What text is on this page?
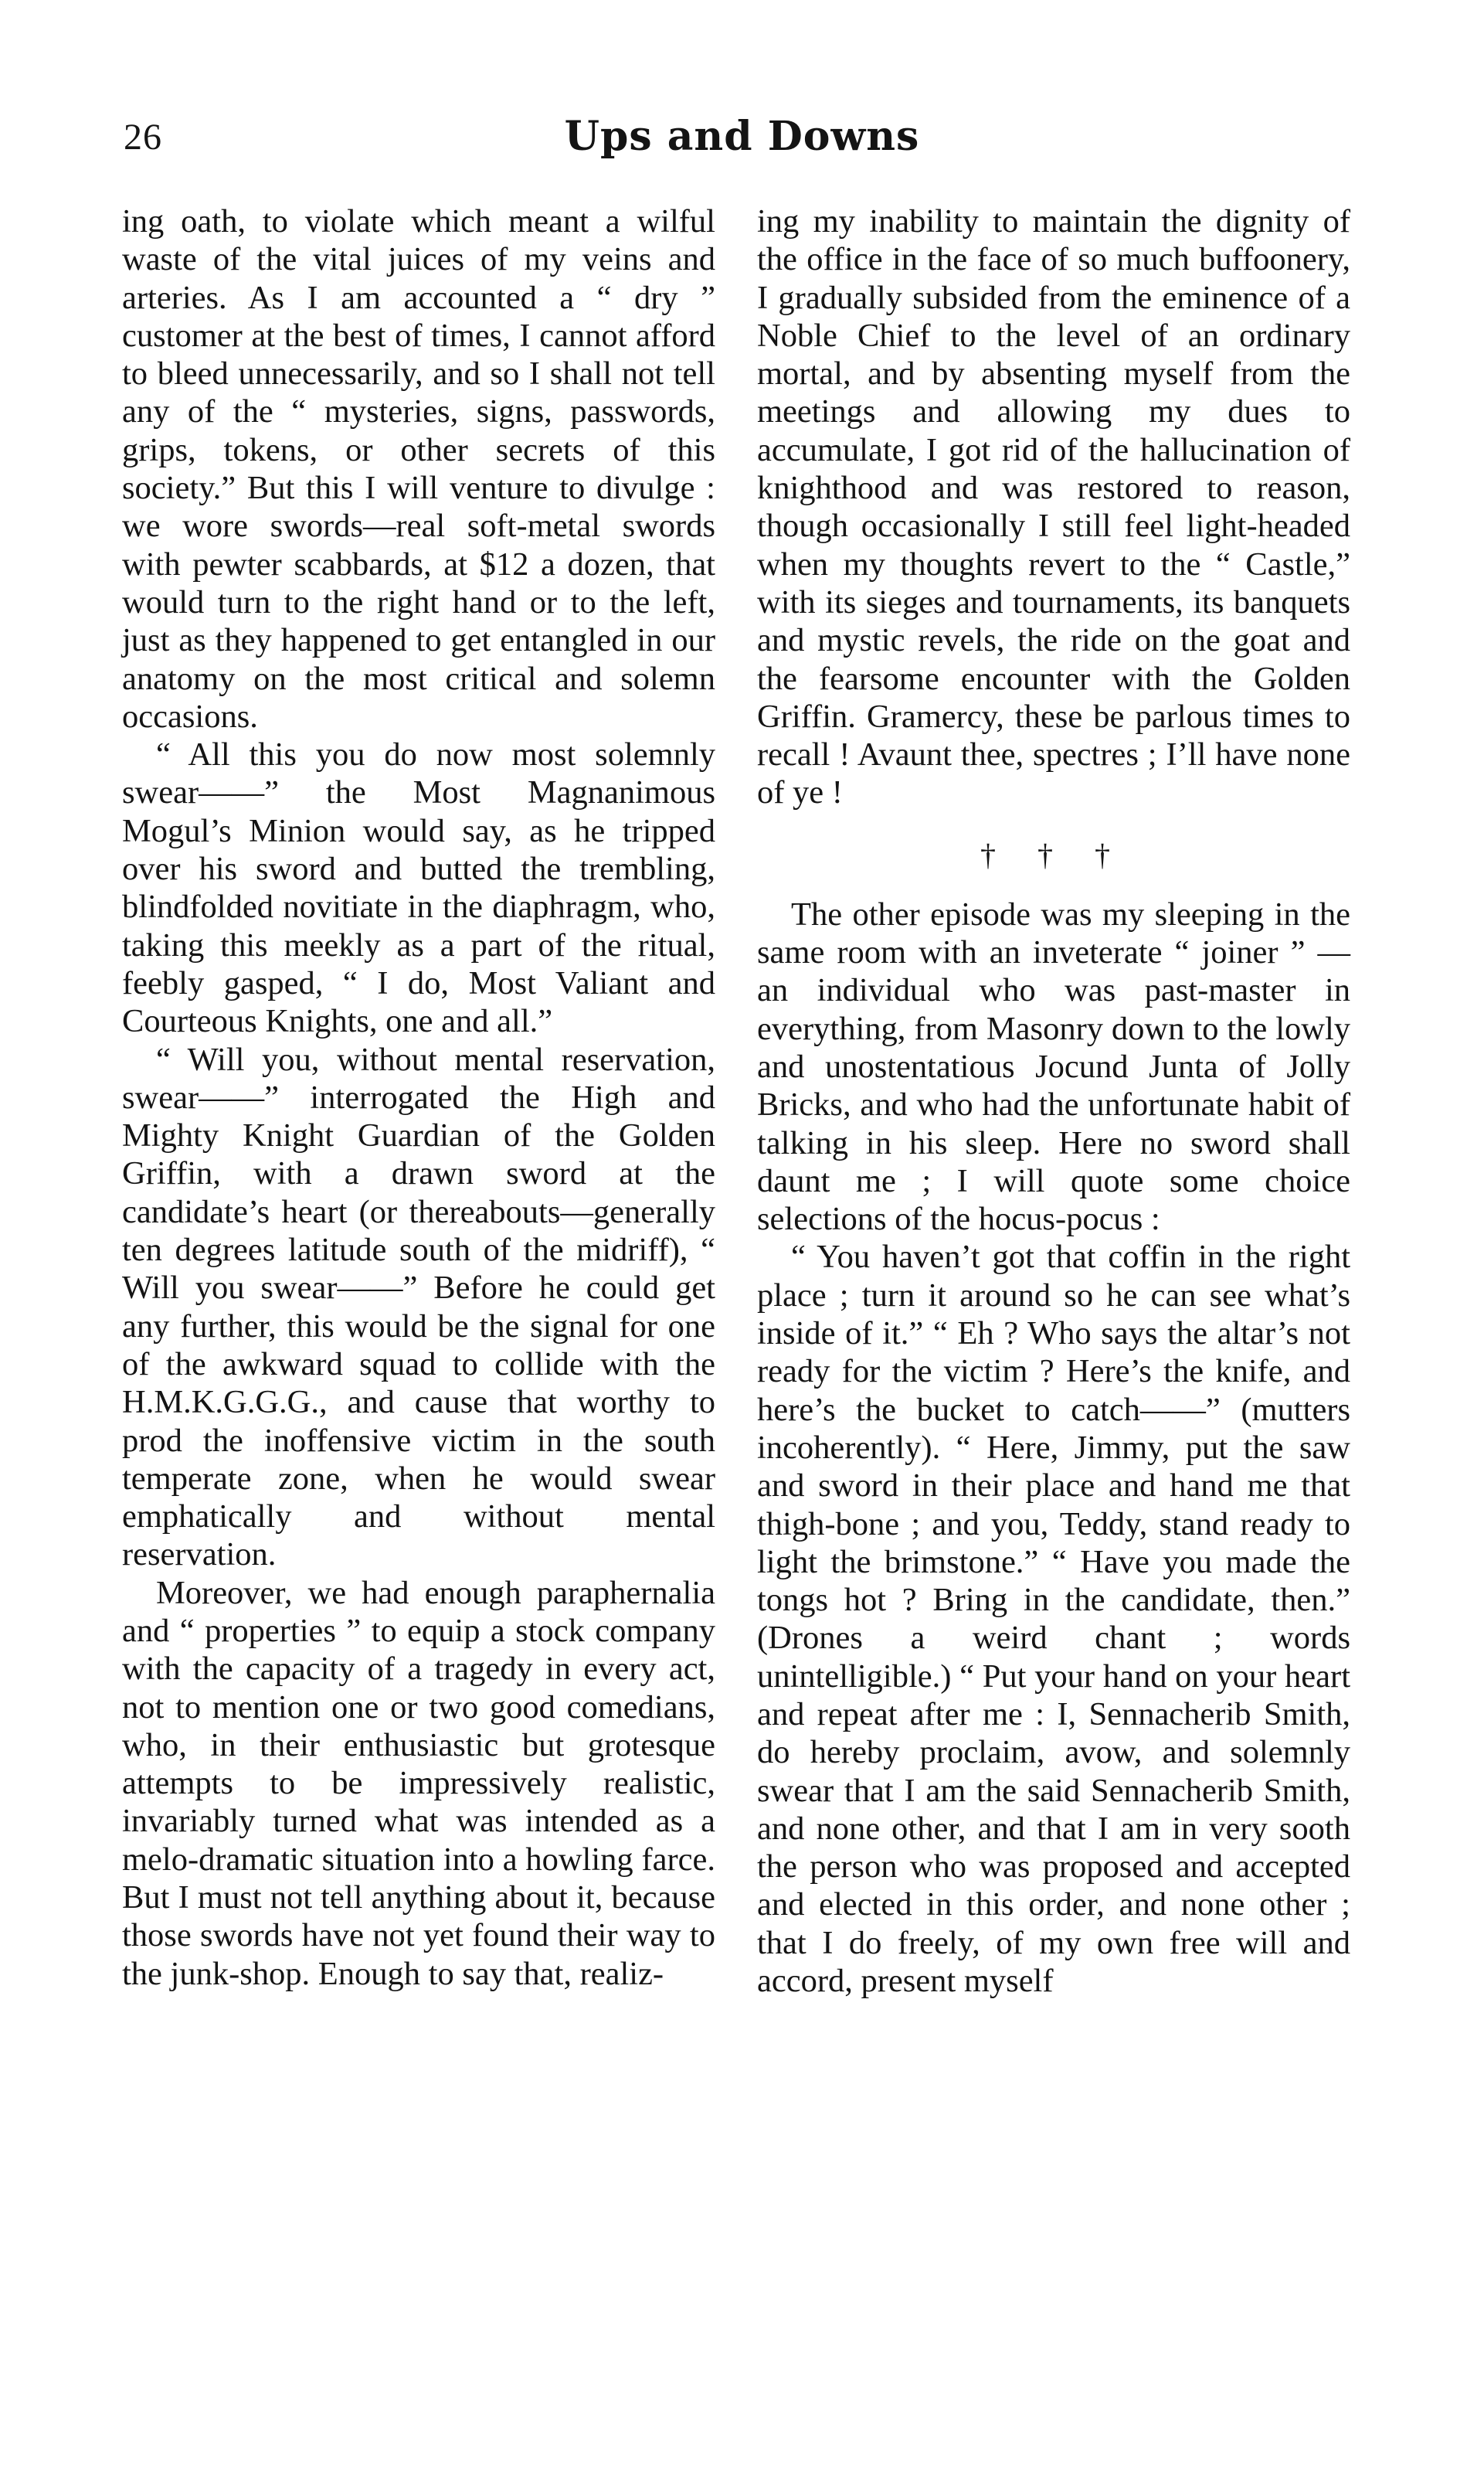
26	Ups and Downs

ing oath, to violate which meant a wilful waste of the vital juices of my veins and arteries. As I am accounted a “ dry ” customer at the best of times, I cannot afford to bleed unnecessarily, and so I shall not tell any of the “ mysteries, signs, passwords, grips, tokens, or other secrets of this society.” But this I will venture to divulge : we wore swords—real soft-metal swords with pewter scabbards, at $12 a dozen, that would turn to the right hand or to the left, just as they happened to get entangled in our anatomy on the most critical and solemn occasions.

“ All this you do now most solemnly swear——” the Most Magnanimous Mogul’s Minion would say, as he tripped over his sword and butted the trembling, blindfolded novitiate in the diaphragm, who, taking this meekly as a part of the ritual, feebly gasped, “ I do, Most Valiant and Courteous Knights, one and all.”

“ Will you, without mental reservation, swear——” interrogated the High and Mighty Knight Guardian of the Golden Griffin, with a drawn sword at the candidate’s heart (or thereabouts—generally ten degrees latitude south of the midriff), “ Will you swear——” Before he could get any further, this would be the signal for one of the awkward squad to collide with the H.M.K.G.G.G., and cause that worthy to prod the inoffensive victim in the south temperate zone, when he would swear emphatically and without mental reservation.

Moreover, we had enough paraphernalia and “ properties ” to equip a stock company with the capacity of a tragedy in every act, not to mention one or two good comedians, who, in their enthusiastic but grotesque attempts to be impressively realistic, invariably turned what was intended as a melo-dramatic situation into a howling farce. But I must not tell anything about it, because those swords have not yet found their way to the junk-shop. Enough to say that, realiz-

ing my inability to maintain the dignity of the office in the face of so much buffoonery, I gradually subsided from the eminence of a Noble Chief to the level of an ordinary mortal, and by absenting myself from the meetings and allowing my dues to accumulate, I got rid of the hallucination of knighthood and was restored to reason, though occasionally I still feel light-headed when my thoughts revert to the “ Castle,” with its sieges and tournaments, its banquets and mystic revels, the ride on the goat and the fearsome encounter with the Golden Griffin. Gramercy, these be parlous times to recall ! Avaunt thee, spectres ; I’ll have none of ye !

† † †

The other episode was my sleeping in the same room with an inveterate “ joiner ” — an individual who was past-master in everything, from Masonry down to the lowly and unostentatious Jocund Junta of Jolly Bricks, and who had the unfortunate habit of talking in his sleep. Here no sword shall daunt me ; I will quote some choice selections of the hocus-pocus :

“ You haven’t got that coffin in the right place ; turn it around so he can see what’s inside of it.” “ Eh ? Who says the altar’s not ready for the victim ? Here’s the knife, and here’s the bucket to catch——” (mutters incoherently). “ Here, Jimmy, put the saw and sword in their place and hand me that thigh-bone ; and you, Teddy, stand ready to light the brimstone.” “ Have you made the tongs hot ? Bring in the candidate, then.” (Drones a weird chant ; words unintelligible.) “ Put your hand on your heart and repeat after me : I, Sennacherib Smith, do hereby proclaim, avow, and solemnly swear that I am the said Sennacherib Smith, and none other, and that I am in very sooth the person who was proposed and accepted and elected in this order, and none other ; that I do freely, of my own free will and accord, present myself
